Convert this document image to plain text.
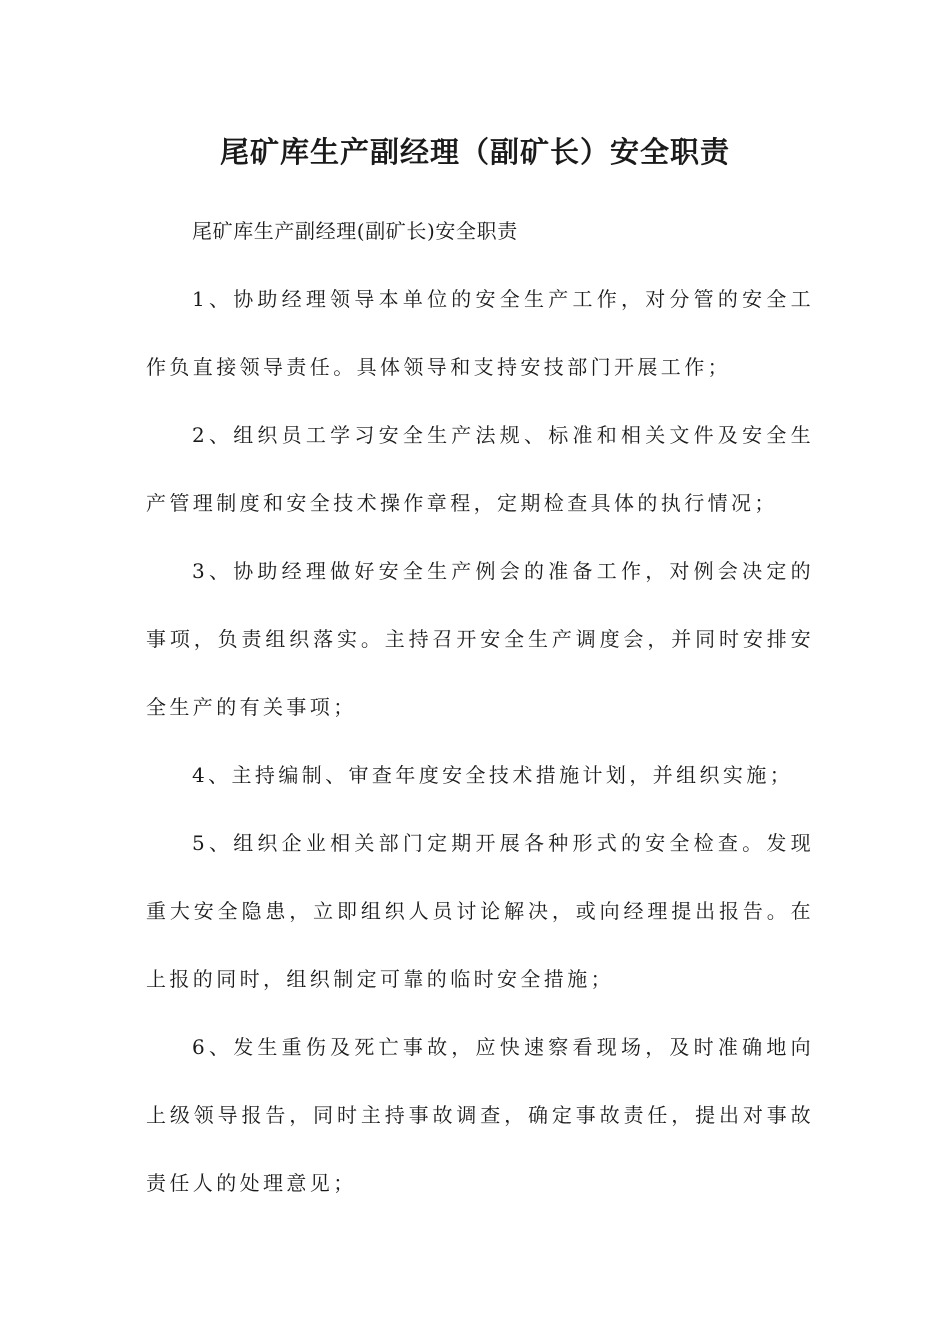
尾矿库生产副经理（副矿长）安全职责

尾矿库生产副经理(副矿长)安全职责

1、协助经理领导本单位的安全生产工作，对分管的安全工作负直接领导责任。具体领导和支持安技部门开展工作；

2、组织员工学习安全生产法规、标准和相关文件及安全生产管理制度和安全技术操作章程，定期检查具体的执行情况；

3、协助经理做好安全生产例会的准备工作，对例会决定的事项，负责组织落实。主持召开安全生产调度会，并同时安排安全生产的有关事项；

4、主持编制、审查年度安全技术措施计划，并组织实施；

5、组织企业相关部门定期开展各种形式的安全检查。发现重大安全隐患，立即组织人员讨论解决，或向经理提出报告。在上报的同时，组织制定可靠的临时安全措施；

6、发生重伤及死亡事故，应快速察看现场，及时准确地向上级领导报告，同时主持事故调查，确定事故责任，提出对事故责任人的处理意见；
